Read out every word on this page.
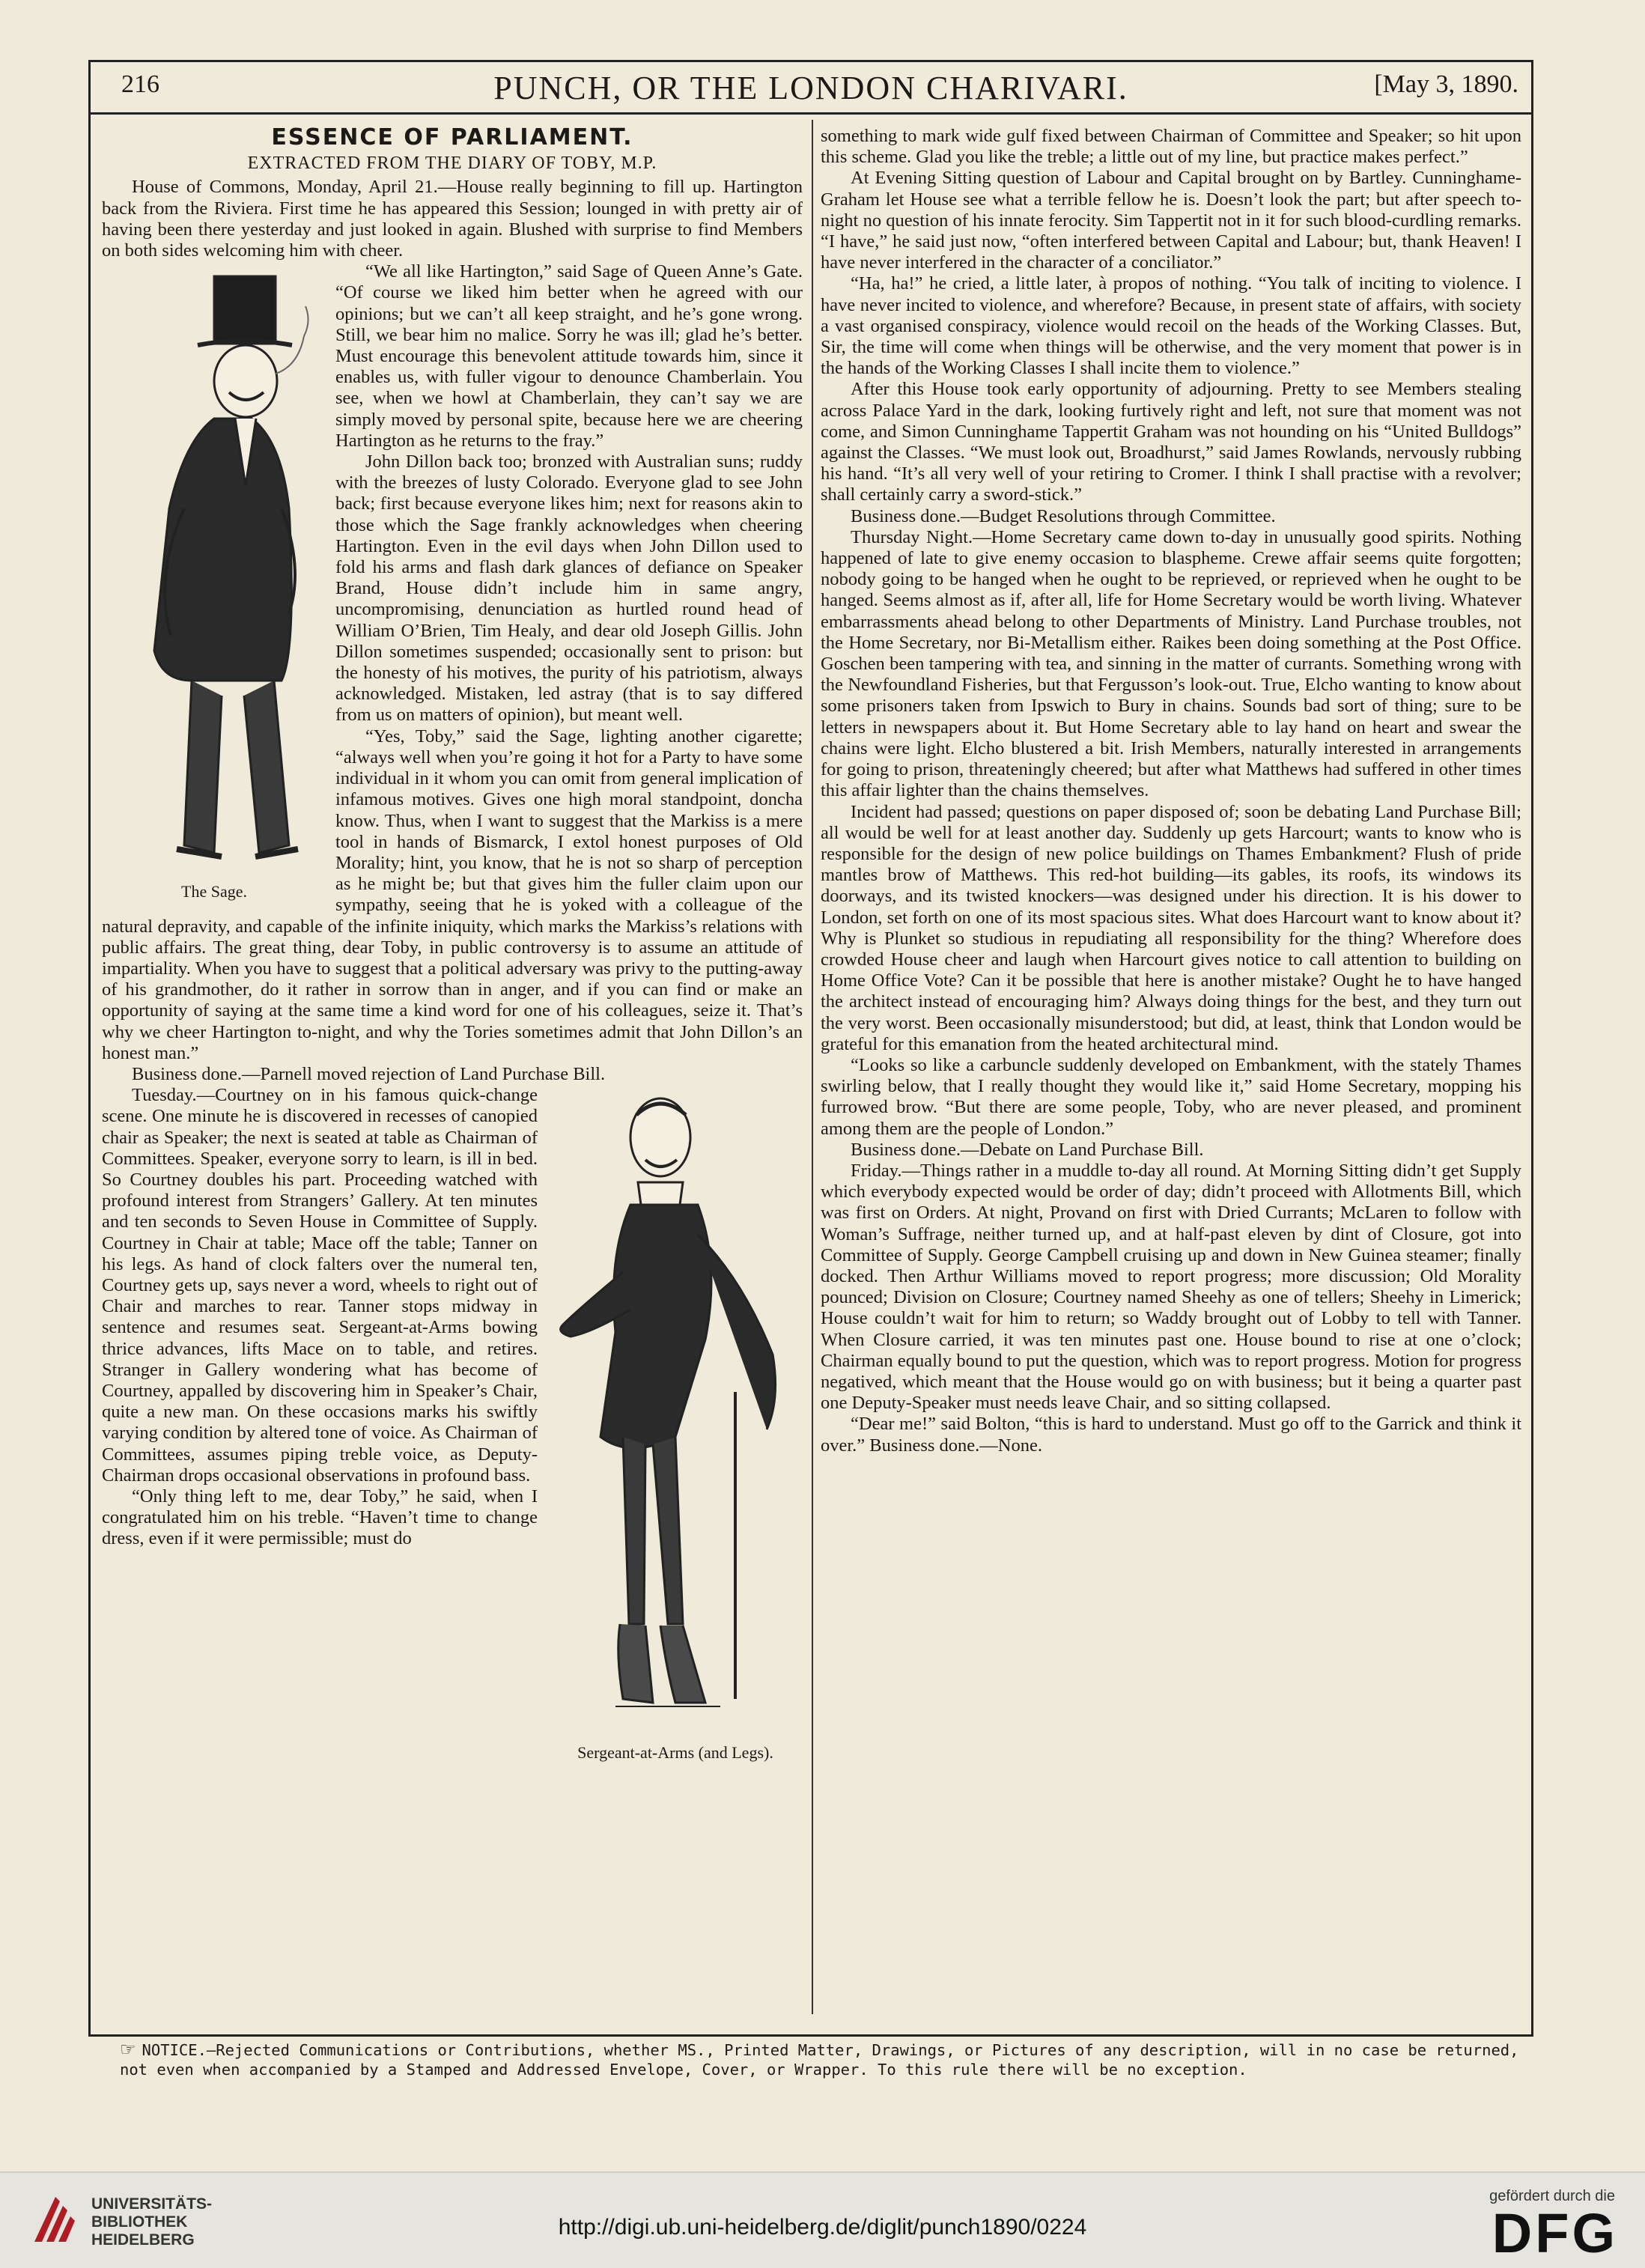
216	PUNCH, OR THE LONDON CHARIVARI.	[May 3, 1890.
ESSENCE OF PARLIAMENT.
EXTRACTED FROM THE DIARY OF TOBY, M.P.

House of Commons, Monday, April 21.—House really beginning to fill up. Hartington back from the Riviera. First time he has appeared this Session; lounged in with pretty air of having been there yesterday and just looked in again. Blushed with surprise to find Members on both sides welcoming him with cheer.

The Sage.

“We all like Hartington,” said Sage of Queen Anne’s Gate. “Of course we liked him better when he agreed with our opinions; but we can’t all keep straight, and he’s gone wrong. Still, we bear him no malice. Sorry he was ill; glad he’s better. Must encourage this benevolent attitude towards him, since it enables us, with fuller vigour to denounce Chamberlain. You see, when we howl at Chamberlain, they can’t say we are simply moved by personal spite, because here we are cheering Hartington as he returns to the fray.”

John Dillon back too; bronzed with Australian suns; ruddy with the breezes of lusty Colorado. Everyone glad to see John back; first because everyone likes him; next for reasons akin to those which the Sage frankly acknowledges when cheering Hartington. Even in the evil days when John Dillon used to fold his arms and flash dark glances of defiance on Speaker Brand, House didn’t include him in same angry, uncompromising, denunciation as hurtled round head of William O’Brien, Tim Healy, and dear old Joseph Gillis. John Dillon sometimes suspended; occasionally sent to prison: but the honesty of his motives, the purity of his patriotism, always acknowledged. Mistaken, led astray (that is to say differed from us on matters of opinion), but meant well.

“Yes, Toby,” said the Sage, lighting another cigarette; “always well when you’re going it hot for a Party to have some individual in it whom you can omit from general implication of infamous motives. Gives one high moral standpoint, doncha know. Thus, when I want to suggest that the Markiss is a mere tool in hands of Bismarck, I extol honest purposes of Old Morality; hint, you know, that he is not so sharp of perception as he might be; but that gives him the fuller claim upon our sympathy, seeing that he is yoked with a colleague of the natural depravity, and capable of the infinite iniquity, which marks the Markiss’s relations with public affairs. The great thing, dear Toby, in public controversy is to assume an attitude of impartiality. When you have to suggest that a political adversary was privy to the putting-away of his grandmother, do it rather in sorrow than in anger, and if you can find or make an opportunity of saying at the same time a kind word for one of his colleagues, seize it. That’s why we cheer Hartington to-night, and why the Tories sometimes admit that John Dillon’s an honest man.”

Business done.—Parnell moved rejection of Land Purchase Bill.

Sergeant-at-Arms (and Legs).

Tuesday.—Courtney on in his famous quick-change scene. One minute he is discovered in recesses of canopied chair as Speaker; the next is seated at table as Chairman of Committees. Speaker, everyone sorry to learn, is ill in bed. So Courtney doubles his part. Proceeding watched with profound interest from Strangers’ Gallery. At ten minutes and ten seconds to Seven House in Committee of Supply. Courtney in Chair at table; Mace off the table; Tanner on his legs. As hand of clock falters over the numeral ten, Courtney gets up, says never a word, wheels to right out of Chair and marches to rear. Tanner stops midway in sentence and resumes seat. Sergeant-at-Arms bowing thrice advances, lifts Mace on to table, and retires. Stranger in Gallery wondering what has become of Courtney, appalled by discovering him in Speaker’s Chair, quite a new man. On these occasions marks his swiftly varying condition by altered tone of voice. As Chairman of Committees, assumes piping treble voice, as Deputy-Chairman drops occasional observations in profound bass.

“Only thing left to me, dear Toby,” he said, when I congratulated him on his treble. “Haven’t time to change dress, even if it were permissible; must do

something to mark wide gulf fixed between Chairman of Committee and Speaker; so hit upon this scheme. Glad you like the treble; a little out of my line, but practice makes perfect.”

At Evening Sitting question of Labour and Capital brought on by Bartley. Cunninghame-Graham let House see what a terrible fellow he is. Doesn’t look the part; but after speech to-night no question of his innate ferocity. Sim Tappertit not in it for such blood-curdling remarks. “I have,” he said just now, “often interfered between Capital and Labour; but, thank Heaven! I have never interfered in the character of a conciliator.”

“Ha, ha!” he cried, a little later, à propos of nothing. “You talk of inciting to violence. I have never incited to violence, and wherefore? Because, in present state of affairs, with society a vast organised conspiracy, violence would recoil on the heads of the Working Classes. But, Sir, the time will come when things will be otherwise, and the very moment that power is in the hands of the Working Classes I shall incite them to violence.”

After this House took early opportunity of adjourning. Pretty to see Members stealing across Palace Yard in the dark, looking furtively right and left, not sure that moment was not come, and Simon Cunninghame Tappertit Graham was not hounding on his “United Bulldogs” against the Classes. “We must look out, Broadhurst,” said James Rowlands, nervously rubbing his hand. “It’s all very well of your retiring to Cromer. I think I shall practise with a revolver; shall certainly carry a sword-stick.”

Business done.—Budget Resolutions through Committee.

Thursday Night.—Home Secretary came down to-day in unusually good spirits. Nothing happened of late to give enemy occasion to blaspheme. Crewe affair seems quite forgotten; nobody going to be hanged when he ought to be reprieved, or reprieved when he ought to be hanged. Seems almost as if, after all, life for Home Secretary would be worth living. Whatever embarrassments ahead belong to other Departments of Ministry. Land Purchase troubles, not the Home Secretary, nor Bi-Metallism either. Raikes been doing something at the Post Office. Goschen been tampering with tea, and sinning in the matter of currants. Something wrong with the Newfoundland Fisheries, but that Fergusson’s look-out. True, Elcho wanting to know about some prisoners taken from Ipswich to Bury in chains. Sounds bad sort of thing; sure to be letters in newspapers about it. But Home Secretary able to lay hand on heart and swear the chains were light. Elcho blustered a bit. Irish Members, naturally interested in arrangements for going to prison, threateningly cheered; but after what Matthews had suffered in other times this affair lighter than the chains themselves.

Incident had passed; questions on paper disposed of; soon be debating Land Purchase Bill; all would be well for at least another day. Suddenly up gets Harcourt; wants to know who is responsible for the design of new police buildings on Thames Embankment? Flush of pride mantles brow of Matthews. This red-hot building—its gables, its roofs, its windows its doorways, and its twisted knockers—was designed under his direction. It is his dower to London, set forth on one of its most spacious sites. What does Harcourt want to know about it? Why is Plunket so studious in repudiating all responsibility for the thing? Wherefore does crowded House cheer and laugh when Harcourt gives notice to call attention to building on Home Office Vote? Can it be possible that here is another mistake? Ought he to have hanged the architect instead of encouraging him? Always doing things for the best, and they turn out the very worst. Been occasionally misunderstood; but did, at least, think that London would be grateful for this emanation from the heated architectural mind.

“Looks so like a carbuncle suddenly developed on Embankment, with the stately Thames swirling below, that I really thought they would like it,” said Home Secretary, mopping his furrowed brow. “But there are some people, Toby, who are never pleased, and prominent among them are the people of London.”

Business done.—Debate on Land Purchase Bill.

Friday.—Things rather in a muddle to-day all round. At Morning Sitting didn’t get Supply which everybody expected would be order of day; didn’t proceed with Allotments Bill, which was first on Orders. At night, Provand on first with Dried Currants; McLaren to follow with Woman’s Suffrage, neither turned up, and at half-past eleven by dint of Closure, got into Committee of Supply. George Campbell cruising up and down in New Guinea steamer; finally docked. Then Arthur Williams moved to report progress; more discussion; Old Morality pounced; Division on Closure; Courtney named Sheehy as one of tellers; Sheehy in Limerick; House couldn’t wait for him to return; so Waddy brought out of Lobby to tell with Tanner. When Closure carried, it was ten minutes past one. House bound to rise at one o’clock; Chairman equally bound to put the question, which was to report progress. Motion for progress negatived, which meant that the House would go on with business; but it being a quarter past one Deputy-Speaker must needs leave Chair, and so sitting collapsed.

“Dear me!” said Bolton, “this is hard to understand. Must go off to the Garrick and think it over.” Business done.—None.

☞ NOTICE.—Rejected Communications or Contributions, whether MS., Printed Matter, Drawings, or Pictures of any description, will in no case be returned, not even when accompanied by a Stamped and Addressed Envelope, Cover, or Wrapper. To this rule there will be no exception.
UNIVERSITÄTS-
BIBLIOTHEK
HEIDELBERG
http://digi.ub.uni-heidelberg.de/diglit/punch1890/0224
gefördert durch die
DFG
